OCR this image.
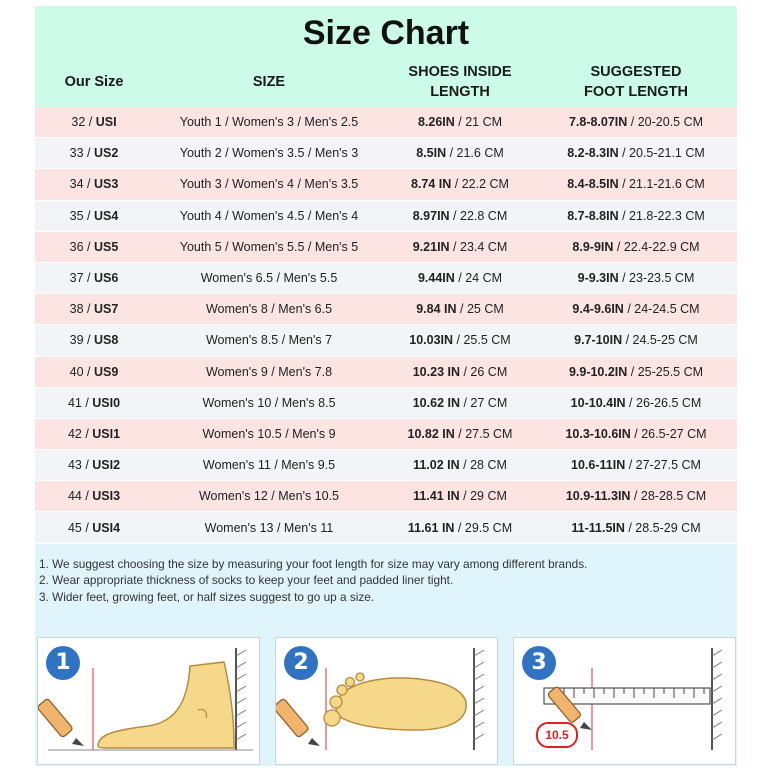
Size Chart
Our Size	SIZE
SHOES INSIDE
LENGTH
SUGGESTED
FOOT LENGTH
32 / USI	Youth 1 / Women's 3 / Men's 2.5	8.26IN / 21 CM	7.8-8.07IN / 20-20.5 CM
33 / US2	Youth 2 / Women's 3.5 / Men's 3	8.5IN / 21.6 CM	8.2-8.3IN / 20.5-21.1 CM
34 / US3	Youth 3 / Women's 4 / Men's 3.5	8.74 IN / 22.2 CM	8.4-8.5IN / 21.1-21.6 CM
35 / US4	Youth 4 / Women's 4.5 / Men's 4	8.97IN / 22.8 CM	8.7-8.8IN / 21.8-22.3 CM
36 / US5	Youth 5 / Women's 5.5 / Men's 5	9.21IN / 23.4 CM	8.9-9IN / 22.4-22.9 CM
37 / US6	Women's 6.5 / Men's 5.5	9.44IN / 24 CM	9-9.3IN / 23-23.5 CM
38 / US7	Women's 8 / Men's 6.5	9.84 IN / 25 CM	9.4-9.6IN / 24-24.5 CM
39 / US8	Women's 8.5 / Men's 7	10.03IN / 25.5 CM	9.7-10IN / 24.5-25 CM
40 / US9	Women's 9 / Men's 7.8	10.23 IN / 26 CM	9.9-10.2IN / 25-25.5 CM
41 / USI0	Women's 10 / Men's 8.5	10.62 IN / 27 CM	10-10.4IN / 26-26.5 CM
42 / USI1	Women's 10.5 / Men's 9	10.82 IN / 27.5 CM	10.3-10.6IN / 26.5-27 CM
43 / USI2	Women's 11 / Men's 9.5	11.02 IN / 28 CM	10.6-11IN / 27-27.5 CM
44 / USI3	Women's 12 / Men's 10.5	11.41 IN / 29 CM	10.9-11.3IN / 28-28.5 CM
45 / USI4	Women's 13 / Men's 11	11.61 IN / 29.5 CM	11-11.5IN / 28.5-29 CM
1. We suggest choosing the size by measuring your foot length for size may vary among different brands.
2. Wear appropriate thickness of socks to keep your feet and padded liner tight.
3. Wider feet, growing feet, or half sizes suggest to go up a size.
1	2	3
10.5
